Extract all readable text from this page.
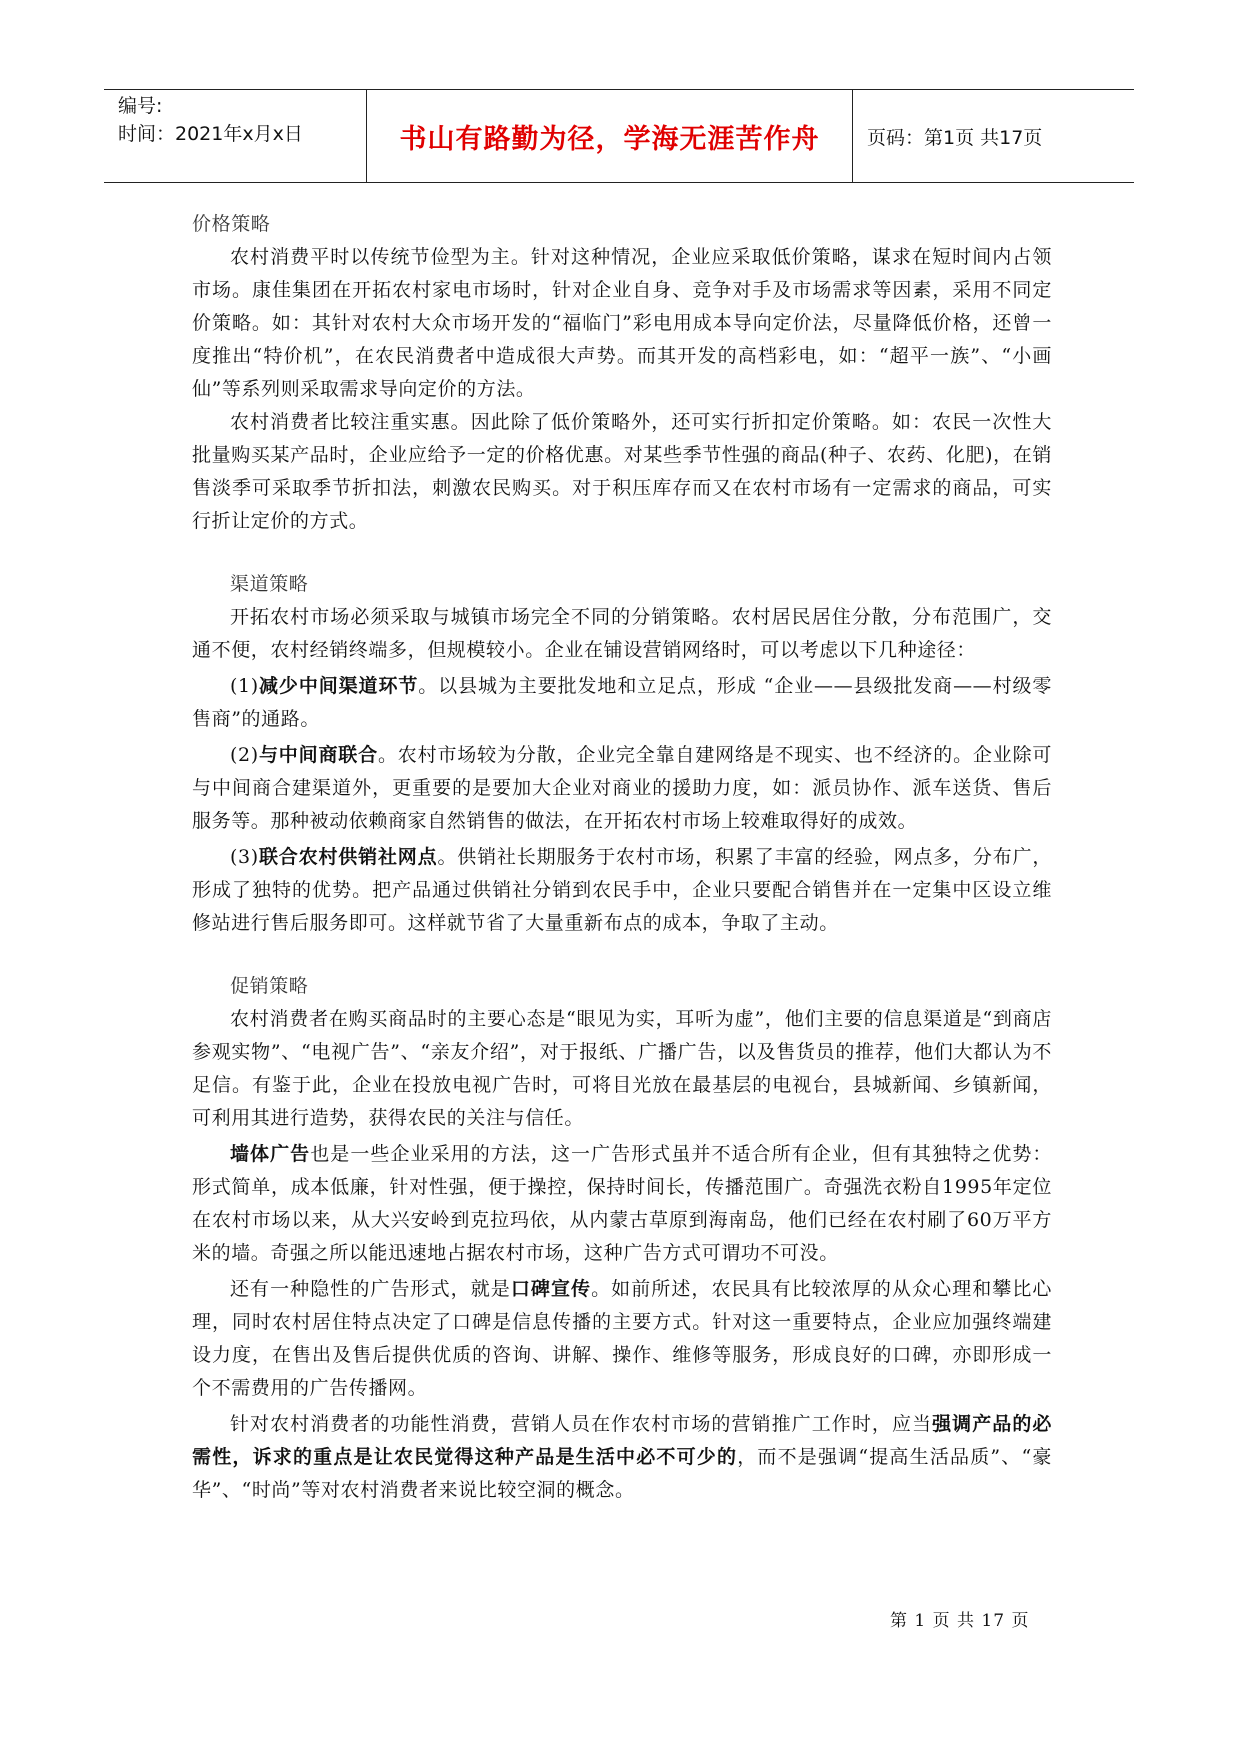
编号:
时间：2021年x月x日	书山有路勤为径，学海无涯苦作舟	页码：第1页 共17页

价格策略

农村消费平时以传统节俭型为主。针对这种情况，企业应采取低价策略，谋求在短时间内占领市场。康佳集团在开拓农村家电市场时，针对企业自身、竞争对手及市场需求等因素，采用不同定价策略。如：其针对农村大众市场开发的“福临门”彩电用成本导向定价法，尽量降低价格，还曾一度推出“特价机”，在农民消费者中造成很大声势。而其开发的高档彩电，如：“超平一族”、“小画仙”等系列则采取需求导向定价的方法。

农村消费者比较注重实惠。因此除了低价策略外，还可实行折扣定价策略。如：农民一次性大批量购买某产品时，企业应给予一定的价格优惠。对某些季节性强的商品(种子、农药、化肥)，在销售淡季可采取季节折扣法，刺激农民购买。对于积压库存而又在农村市场有一定需求的商品，可实行折让定价的方式。

渠道策略

开拓农村市场必须采取与城镇市场完全不同的分销策略。农村居民居住分散，分布范围广，交通不便，农村经销终端多，但规模较小。企业在铺设营销网络时，可以考虑以下几种途径：

(1)减少中间渠道环节。以县城为主要批发地和立足点，形成 “企业——县级批发商——村级零售商”的通路。

(2)与中间商联合。农村市场较为分散，企业完全靠自建网络是不现实、也不经济的。企业除可与中间商合建渠道外，更重要的是要加大企业对商业的援助力度，如：派员协作、派车送货、售后服务等。那种被动依赖商家自然销售的做法，在开拓农村市场上较难取得好的成效。

(3)联合农村供销社网点。供销社长期服务于农村市场，积累了丰富的经验，网点多，分布广，形成了独特的优势。把产品通过供销社分销到农民手中，企业只要配合销售并在一定集中区设立维修站进行售后服务即可。这样就节省了大量重新布点的成本，争取了主动。

促销策略

农村消费者在购买商品时的主要心态是“眼见为实，耳听为虚”，他们主要的信息渠道是“到商店参观实物”、“电视广告”、“亲友介绍”，对于报纸、广播广告，以及售货员的推荐，他们大都认为不足信。有鉴于此，企业在投放电视广告时，可将目光放在最基层的电视台，县城新闻、乡镇新闻，可利用其进行造势，获得农民的关注与信任。

墙体广告也是一些企业采用的方法，这一广告形式虽并不适合所有企业，但有其独特之优势：形式简单，成本低廉，针对性强，便于操控，保持时间长，传播范围广。奇强洗衣粉自1995年定位在农村市场以来，从大兴安岭到克拉玛依，从内蒙古草原到海南岛，他们已经在农村刷了60万平方米的墙。奇强之所以能迅速地占据农村市场，这种广告方式可谓功不可没。

还有一种隐性的广告形式，就是口碑宣传。如前所述，农民具有比较浓厚的从众心理和攀比心理，同时农村居住特点决定了口碑是信息传播的主要方式。针对这一重要特点，企业应加强终端建设力度，在售出及售后提供优质的咨询、讲解、操作、维修等服务，形成良好的口碑，亦即形成一个不需费用的广告传播网。

针对农村消费者的功能性消费，营销人员在作农村市场的营销推广工作时，应当强调产品的必需性，诉求的重点是让农民觉得这种产品是生活中必不可少的，而不是强调“提高生活品质”、“豪华”、“时尚”等对农村消费者来说比较空洞的概念。

第 1 页 共 17 页
